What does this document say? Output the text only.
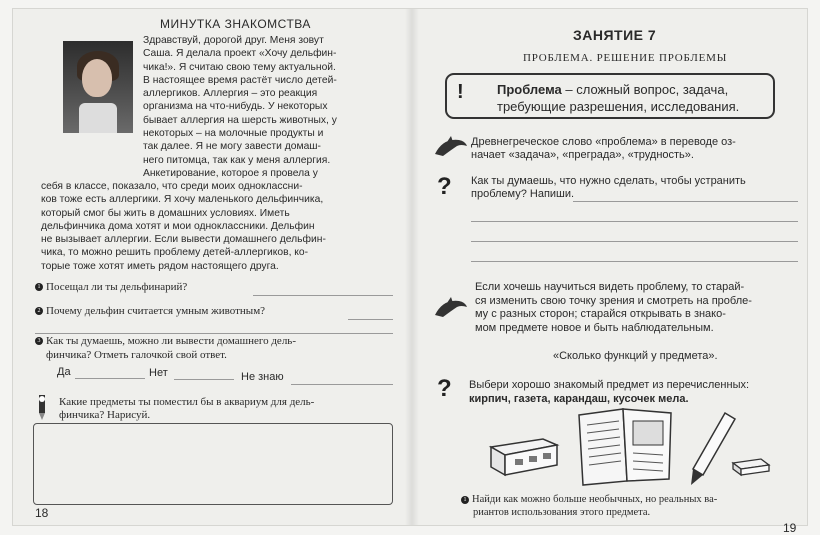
МИНУТКА ЗНАКОМСТВА
Здравствуй, дорогой друг. Меня зовут
Саша. Я делала проект «Хочу дельфин-
чика!». Я считаю свою тему актуальной.
В настоящее время растёт число детей-
аллергиков. Аллергия – это реакция
организма на что-нибудь. У некоторых
бывает аллергия на шерсть животных, у
некоторых – на молочные продукты и
так далее. Я не могу завести домаш-
него питомца, так как у меня аллергия.
Анкетирование, которое я провела у
себя в классе, показало, что среди моих одноклассни-
ков тоже есть аллергики. Я хочу маленького дельфинчика,
который смог бы жить в домашних условиях. Иметь
дельфинчика дома хотят и мои одноклассники. Дельфин
не вызывает аллергии. Если вывести домашнего дельфин-
чика, то можно решить проблему детей-аллергиков, ко-
торые тоже хотят иметь рядом настоящего друга.
1 Посещал ли ты дельфинарий?
2 Почему дельфин считается умным животным?
3 Как ты думаешь, можно ли вывести домашнего дель-
финчика? Отметь галочкой свой ответ.
Да	Нет	Не знаю
Какие предметы ты поместил бы в аквариум для дель-
финчика? Нарисуй.
18
ЗАНЯТИЕ 7
ПРОБЛЕМА. РЕШЕНИЕ ПРОБЛЕМЫ
!	Проблема – сложный вопрос, задача,
требующие разрешения, исследования.
Древнегреческое слово «проблема» в переводе оз-
начает «задача», «преграда», «трудность».
? Как ты думаешь, что нужно сделать, чтобы устранить
проблему? Напиши.
Если хочешь научиться видеть проблему, то старай-
ся изменить свою точку зрения и смотреть на пробле-
му с разных сторон; старайся открывать в знако-
мом предмете новое и быть наблюдательным.
«Сколько функций у предмета».
? Выбери хорошо знакомый предмет из перечисленных:
кирпич, газета, карандаш, кусочек мела.
1 Найди как можно больше необычных, но реальных ва-
риантов использования этого предмета.
19
